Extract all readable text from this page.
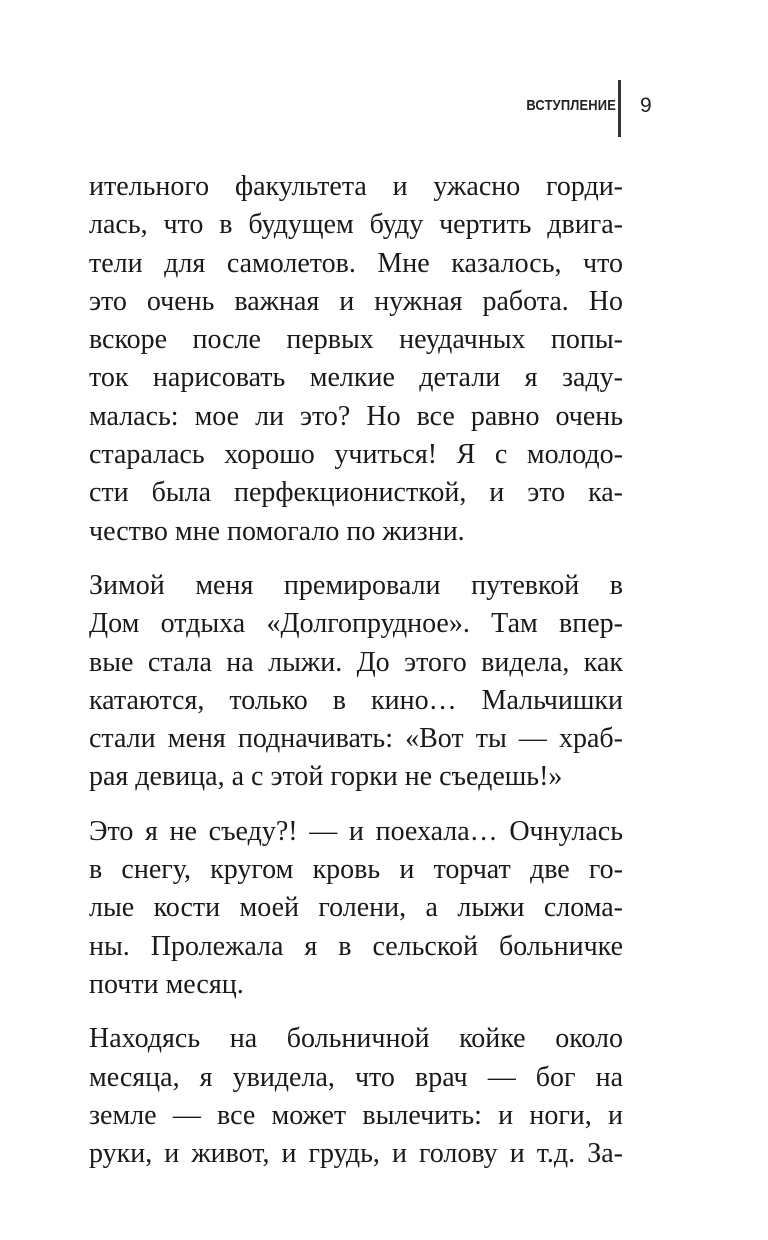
ВСТУПЛЕНИЕ 9

ительного факультета и ужасно горди-
лась, что в будущем буду чертить двига-
тели для самолетов. Мне казалось, что
это очень важная и нужная работа. Но
вскоре после первых неудачных попы-
ток нарисовать мелкие детали я заду-
малась: мое ли это? Но все равно очень
старалась хорошо учиться! Я с молодо-
сти была перфекционисткой, и это ка-
чество мне помогало по жизни.

Зимой меня премировали путевкой в
Дом отдыха «Долгопрудное». Там впер-
вые стала на лыжи. До этого видела, как
катаются, только в кино… Мальчишки
стали меня подначивать: «Вот ты — храб-
рая девица, а с этой горки не съедешь!»

Это я не съеду?! — и поехала… Очнулась
в снегу, кругом кровь и торчат две го-
лые кости моей голени, а лыжи слома-
ны. Пролежала я в сельской больничке
почти месяц.

Находясь на больничной койке около
месяца, я увидела, что врач — бог на
земле — все может вылечить: и ноги, и
руки, и живот, и грудь, и голову и т.д. За-
